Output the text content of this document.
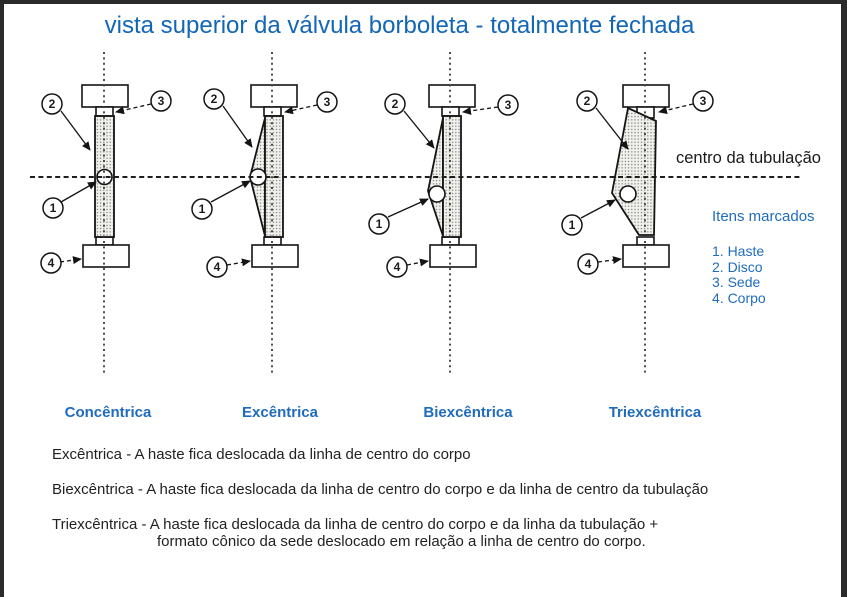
vista superior da válvula borboleta - totalmente fechada
2	3
1
4
2	3
1
4
2	3
1
4
2	3
1
4
centro da tubulação
Itens marcados
1. Haste
2. Disco
3. Sede
4. Corpo
Concêntrica	Excêntrica	Biexcêntrica	Triexcêntrica
Excêntrica - A haste fica deslocada da linha de centro do corpo
Biexcêntrica - A haste fica deslocada da linha de centro do corpo e da linha de centro da tubulação
Triexcêntrica - A haste fica deslocada da linha de centro do corpo e da linha da tubulação +
formato cônico da sede deslocado em relação a linha de centro do corpo.
